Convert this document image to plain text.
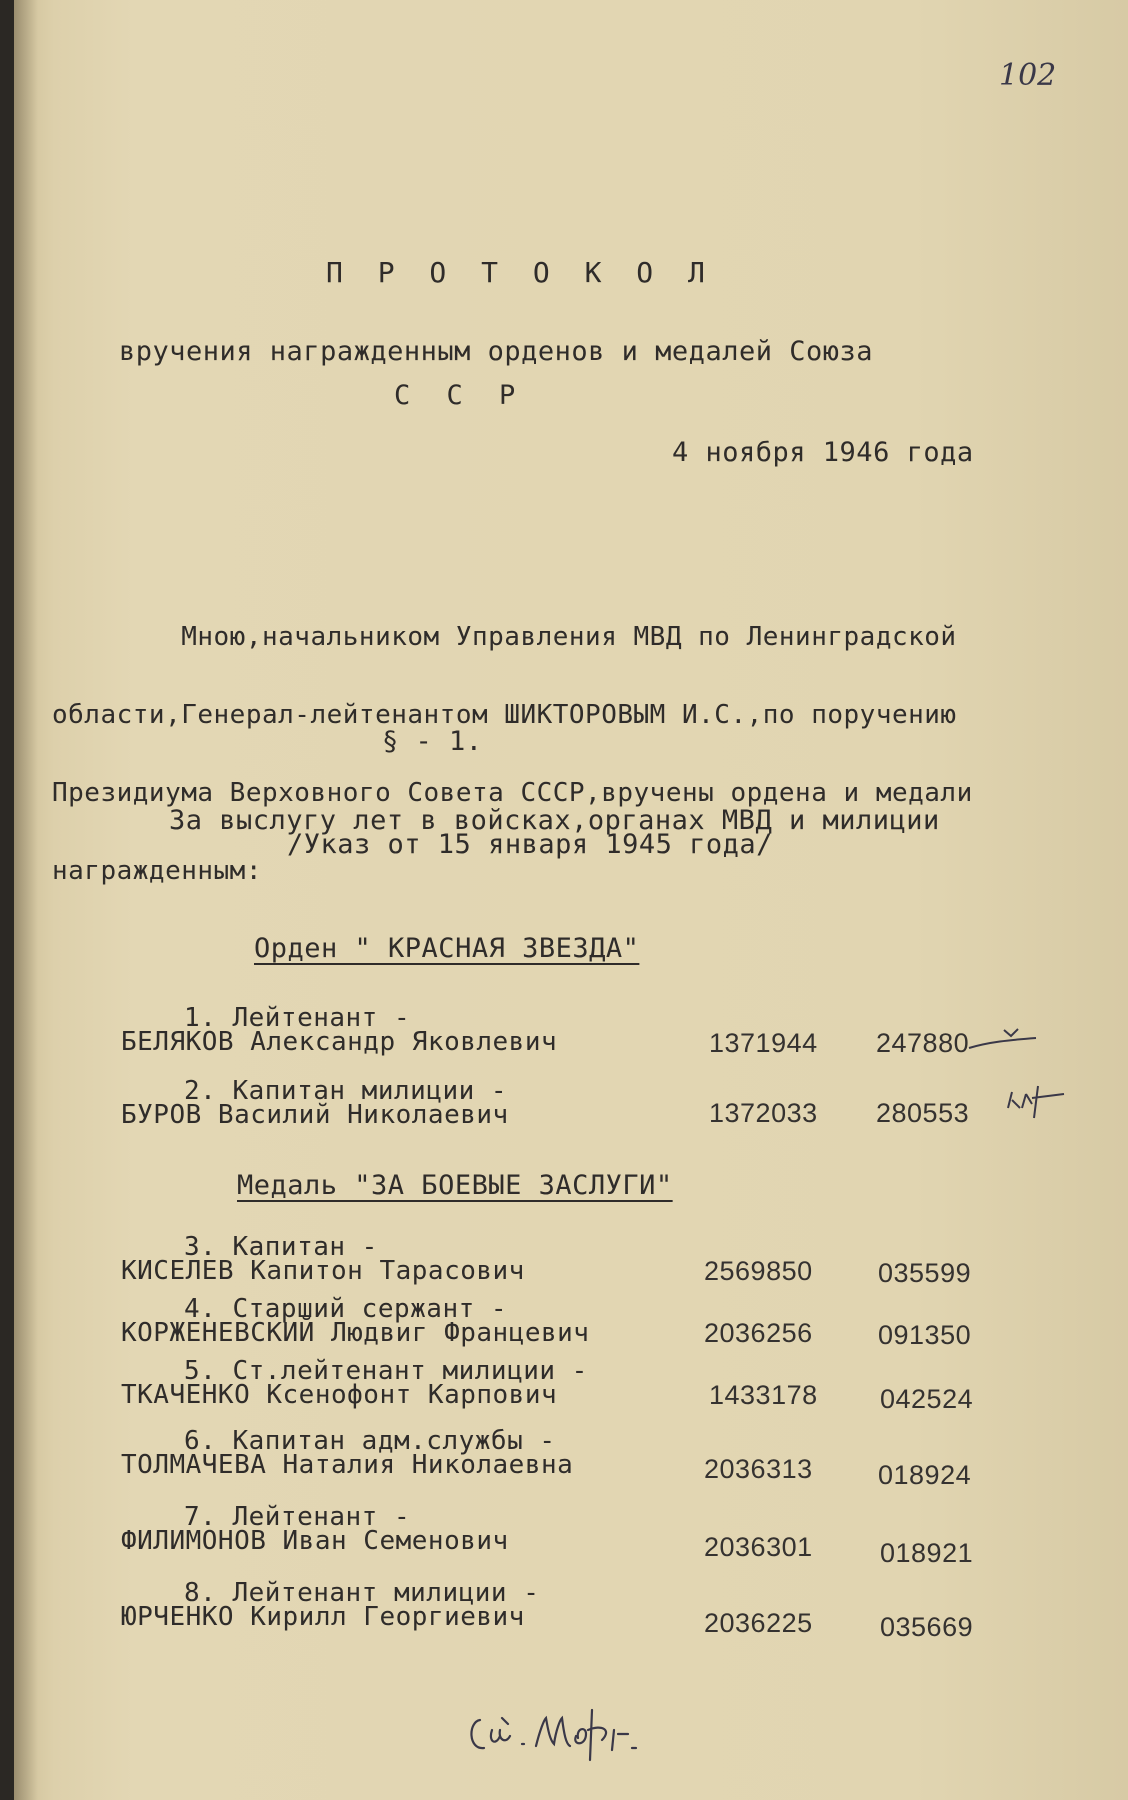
102
П Р О Т О К О Л
вручения награжденным орденов и медалей Союза
С С Р
4 ноября 1946 года

Мною,начальником Управления МВД по Ленинградской

области,Генерал-лейтенантом ШИКТОРОВЫМ И.С.,по поручению

Президиума Верховного Совета СССР,вручены ордена и медали

награжденным:

§ - 1.
За выслугу лет в войсках,органах МВД и милиции
/Указ от 15 января 1945 года/
Орден " КРАСНАЯ ЗВЕЗДА"
1. Лейтенант -
БЕЛЯКОВ Александр Яковлевич	1371944 247880
2. Капитан милиции -
БУРОВ Василий Николаевич	1372033 280553
Медаль "ЗА БОЕВЫЕ ЗАСЛУГИ"
3. Капитан -
КИСЕЛЕВ Капитон Тарасович	2569850 035599
4. Старший сержант -
КОРЖЕНЕВСКИЙ Людвиг Францевич	2036256 091350
5. Ст.лейтенант милиции -
ТКАЧЕНКО Ксенофонт Карпович	1433178 042524
6. Капитан адм.службы -
ТОЛМАЧЕВА Наталия Николаевна	2036313 018924
7. Лейтенант -
ФИЛИМОНОВ Иван Семенович	2036301 018921
8. Лейтенант милиции -
ЮРЧЕНКО Кирилл Георгиевич	2036225 035669
